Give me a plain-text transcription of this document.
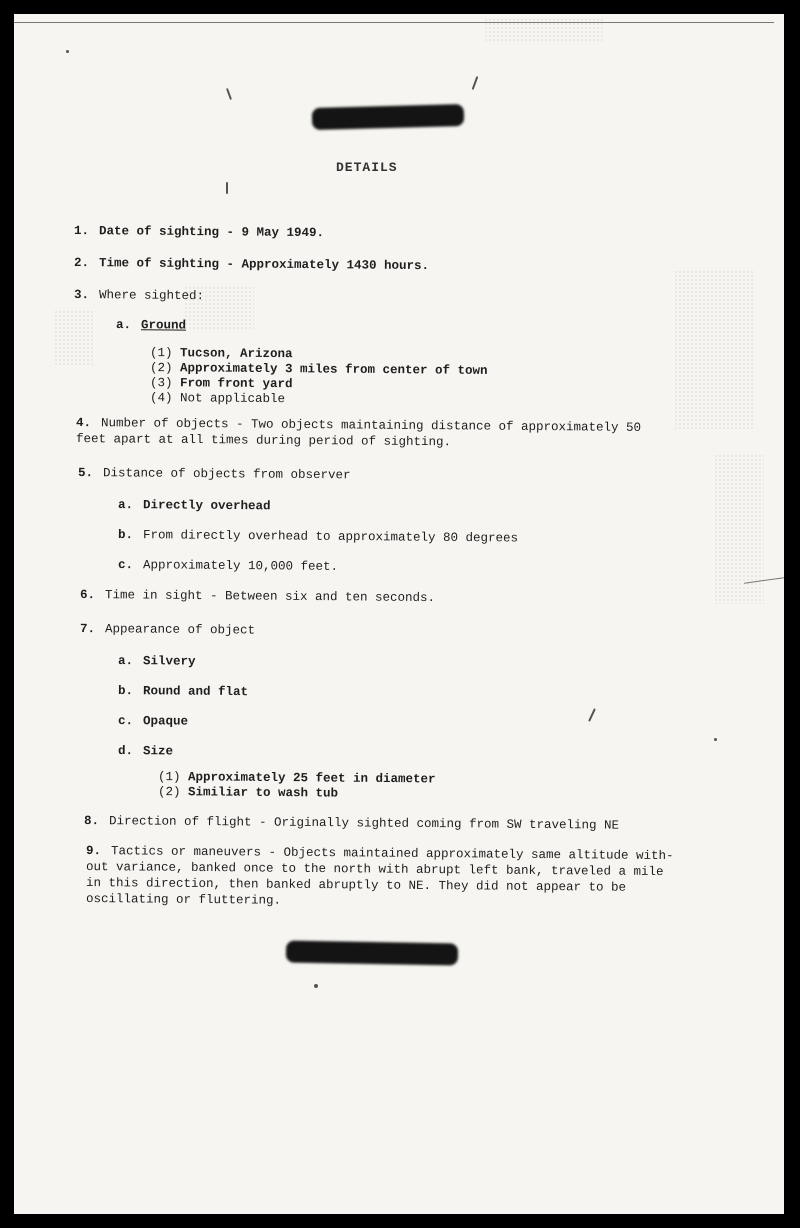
DETAILS
1. Date of sighting - 9 May 1949.
2. Time of sighting - Approximately 1430 hours.
3. Where sighted:
a. Ground
(1) Tucson, Arizona
(2) Approximately 3 miles from center of town
(3) From front yard
(4) Not applicable
4. Number of objects - Two objects maintaining distance of approximately 50
feet apart at all times during period of sighting.
5. Distance of objects from observer
a. Directly overhead
b. From directly overhead to approximately 80 degrees
c. Approximately 10,000 feet.
6. Time in sight - Between six and ten seconds.
7. Appearance of object
a. Silvery
b. Round and flat
c. Opaque
d. Size
(1) Approximately 25 feet in diameter
(2) Similiar to wash tub
8. Direction of flight - Originally sighted coming from SW traveling NE
9. Tactics or maneuvers - Objects maintained approximately same altitude with-
out variance, banked once to the north with abrupt left bank, traveled a mile
in this direction, then banked abruptly to NE. They did not appear to be
oscillating or fluttering.
